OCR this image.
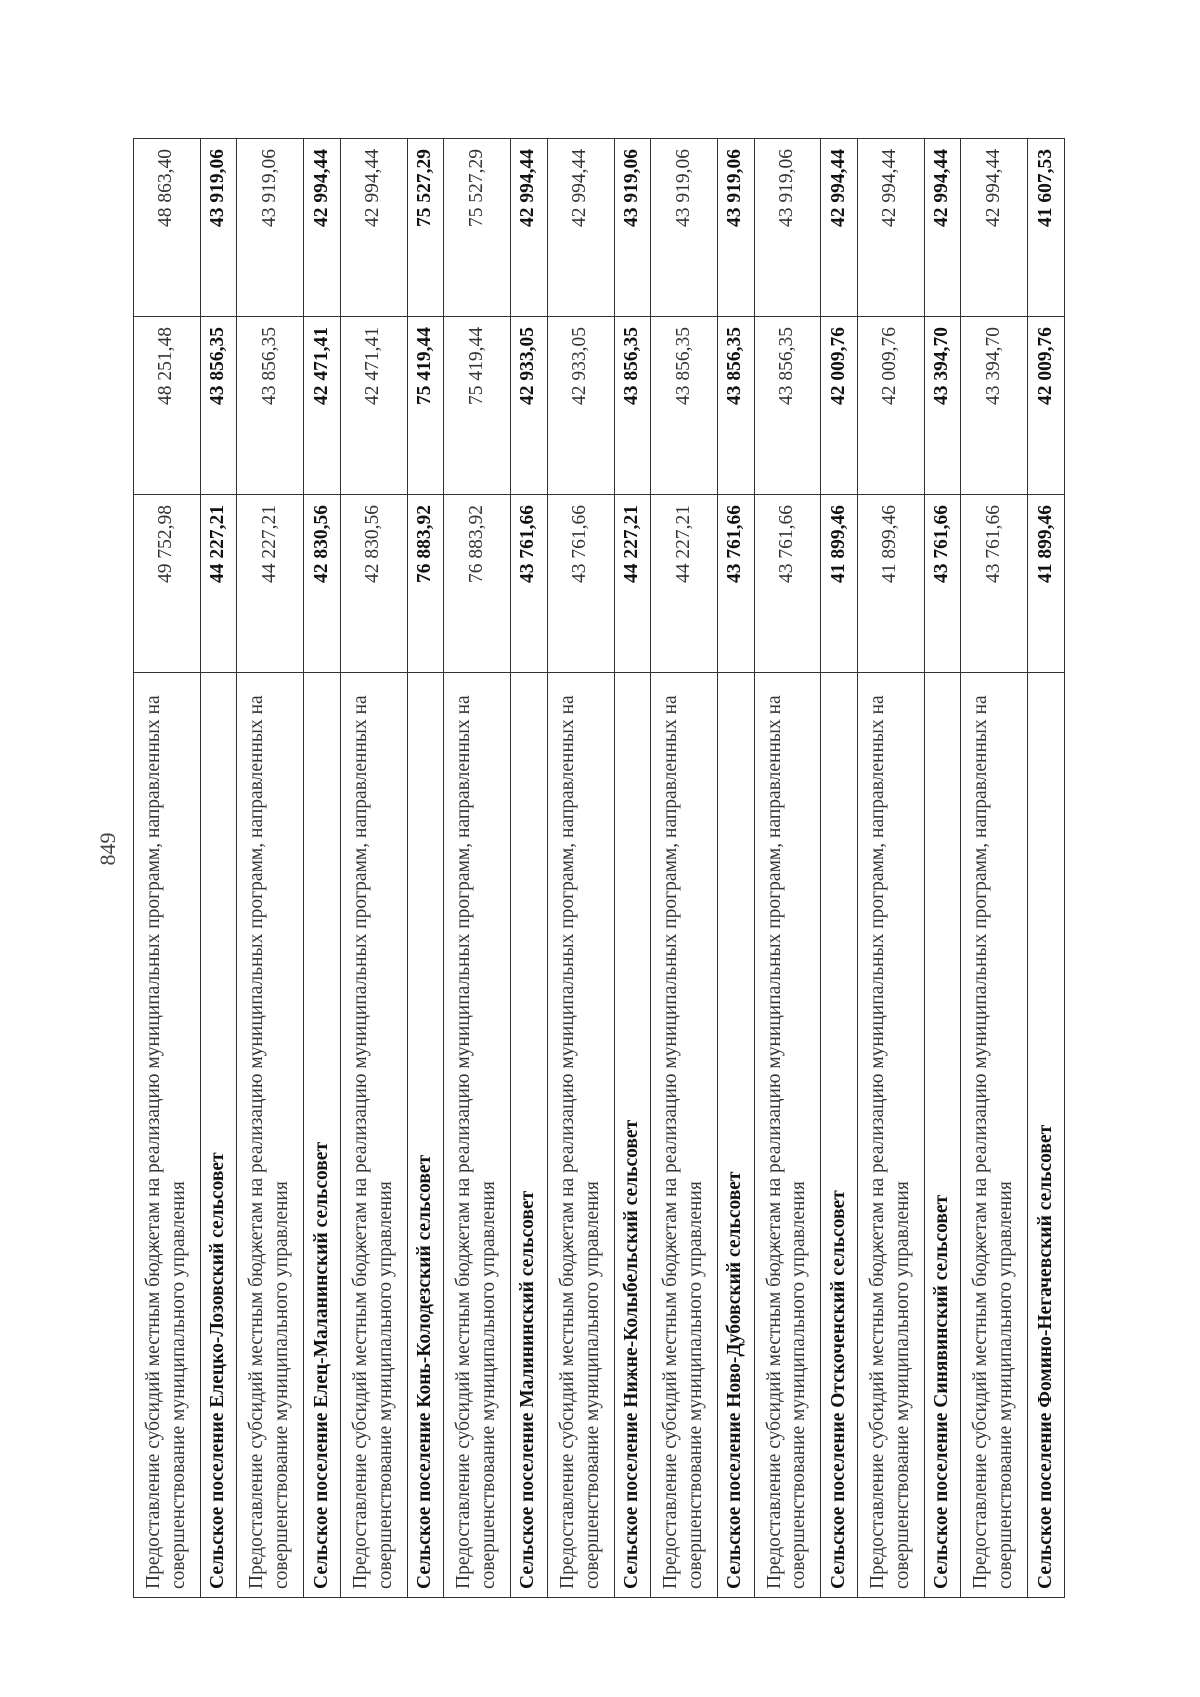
849 Предоставление субсидий местным бюджетам на реализацию муниципальных программ, направленных на совершенствование муниципального управления	49 752,98	48 251,48	48 863,40
Сельское поселение Елецко-Лозовский сельсовет	44 227,21	43 856,35	43 919,06
Предоставление субсидий местным бюджетам на реализацию муниципальных программ, направленных на совершенствование муниципального управления	44 227,21	43 856,35	43 919,06
Сельское поселение Елец-Маланинский сельсовет	42 830,56	42 471,41	42 994,44
Предоставление субсидий местным бюджетам на реализацию муниципальных программ, направленных на совершенствование муниципального управления	42 830,56	42 471,41	42 994,44
Сельское поселение Конь-Колодезский сельсовет	76 883,92	75 419,44	75 527,29
Предоставление субсидий местным бюджетам на реализацию муниципальных программ, направленных на совершенствование муниципального управления	76 883,92	75 419,44	75 527,29
Сельское поселение Малининский сельсовет	43 761,66	42 933,05	42 994,44
Предоставление субсидий местным бюджетам на реализацию муниципальных программ, направленных на совершенствование муниципального управления	43 761,66	42 933,05	42 994,44
Сельское поселение Нижне-Колыбельский сельсовет	44 227,21	43 856,35	43 919,06
Предоставление субсидий местным бюджетам на реализацию муниципальных программ, направленных на совершенствование муниципального управления	44 227,21	43 856,35	43 919,06
Сельское поселение Ново-Дубовский сельсовет	43 761,66	43 856,35	43 919,06
Предоставление субсидий местным бюджетам на реализацию муниципальных программ, направленных на совершенствование муниципального управления	43 761,66	43 856,35	43 919,06
Сельское поселение Отскоченский сельсовет	41 899,46	42 009,76	42 994,44
Предоставление субсидий местным бюджетам на реализацию муниципальных программ, направленных на совершенствование муниципального управления	41 899,46	42 009,76	42 994,44
Сельское поселение Синявинский сельсовет	43 761,66	43 394,70	42 994,44
Предоставление субсидий местным бюджетам на реализацию муниципальных программ, направленных на совершенствование муниципального управления	43 761,66	43 394,70	42 994,44
Сельское поселение Фомино-Негачевский сельсовет	41 899,46	42 009,76	41 607,53
